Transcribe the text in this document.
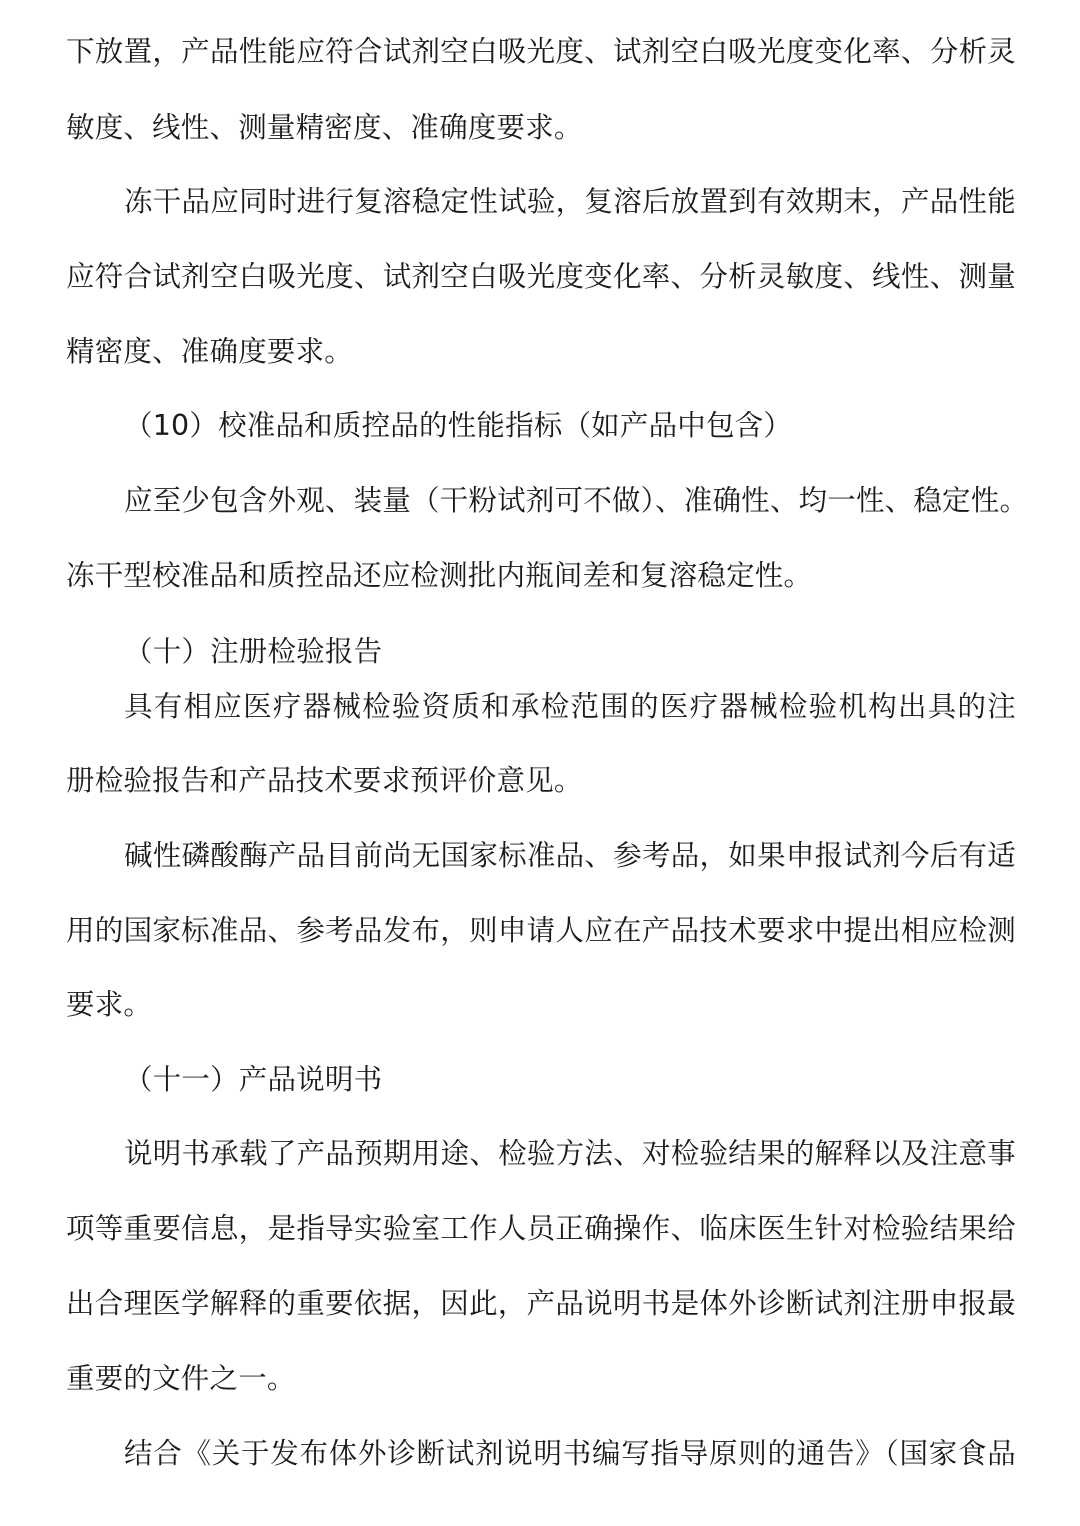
下放置，产品性能应符合试剂空白吸光度、试剂空白吸光度变化率、分析灵
敏度、线性、测量精密度、准确度要求。
冻干品应同时进行复溶稳定性试验，复溶后放置到有效期末，产品性能
应符合试剂空白吸光度、试剂空白吸光度变化率、分析灵敏度、线性、测量
精密度、准确度要求。
（10）校准品和质控品的性能指标（如产品中包含）
应至少包含外观、装量（干粉试剂可不做）、准确性、均一性、稳定性。
冻干型校准品和质控品还应检测批内瓶间差和复溶稳定性。
（十）注册检验报告
具有相应医疗器械检验资质和承检范围的医疗器械检验机构出具的注
册检验报告和产品技术要求预评价意见。
碱性磷酸酶产品目前尚无国家标准品、参考品，如果申报试剂今后有适
用的国家标准品、参考品发布，则申请人应在产品技术要求中提出相应检测
要求。
（十一）产品说明书
说明书承载了产品预期用途、检验方法、对检验结果的解释以及注意事
项等重要信息，是指导实验室工作人员正确操作、临床医生针对检验结果给
出合理医学解释的重要依据，因此，产品说明书是体外诊断试剂注册申报最
重要的文件之一。
结合《关于发布体外诊断试剂说明书编写指导原则的通告》（国家食品
